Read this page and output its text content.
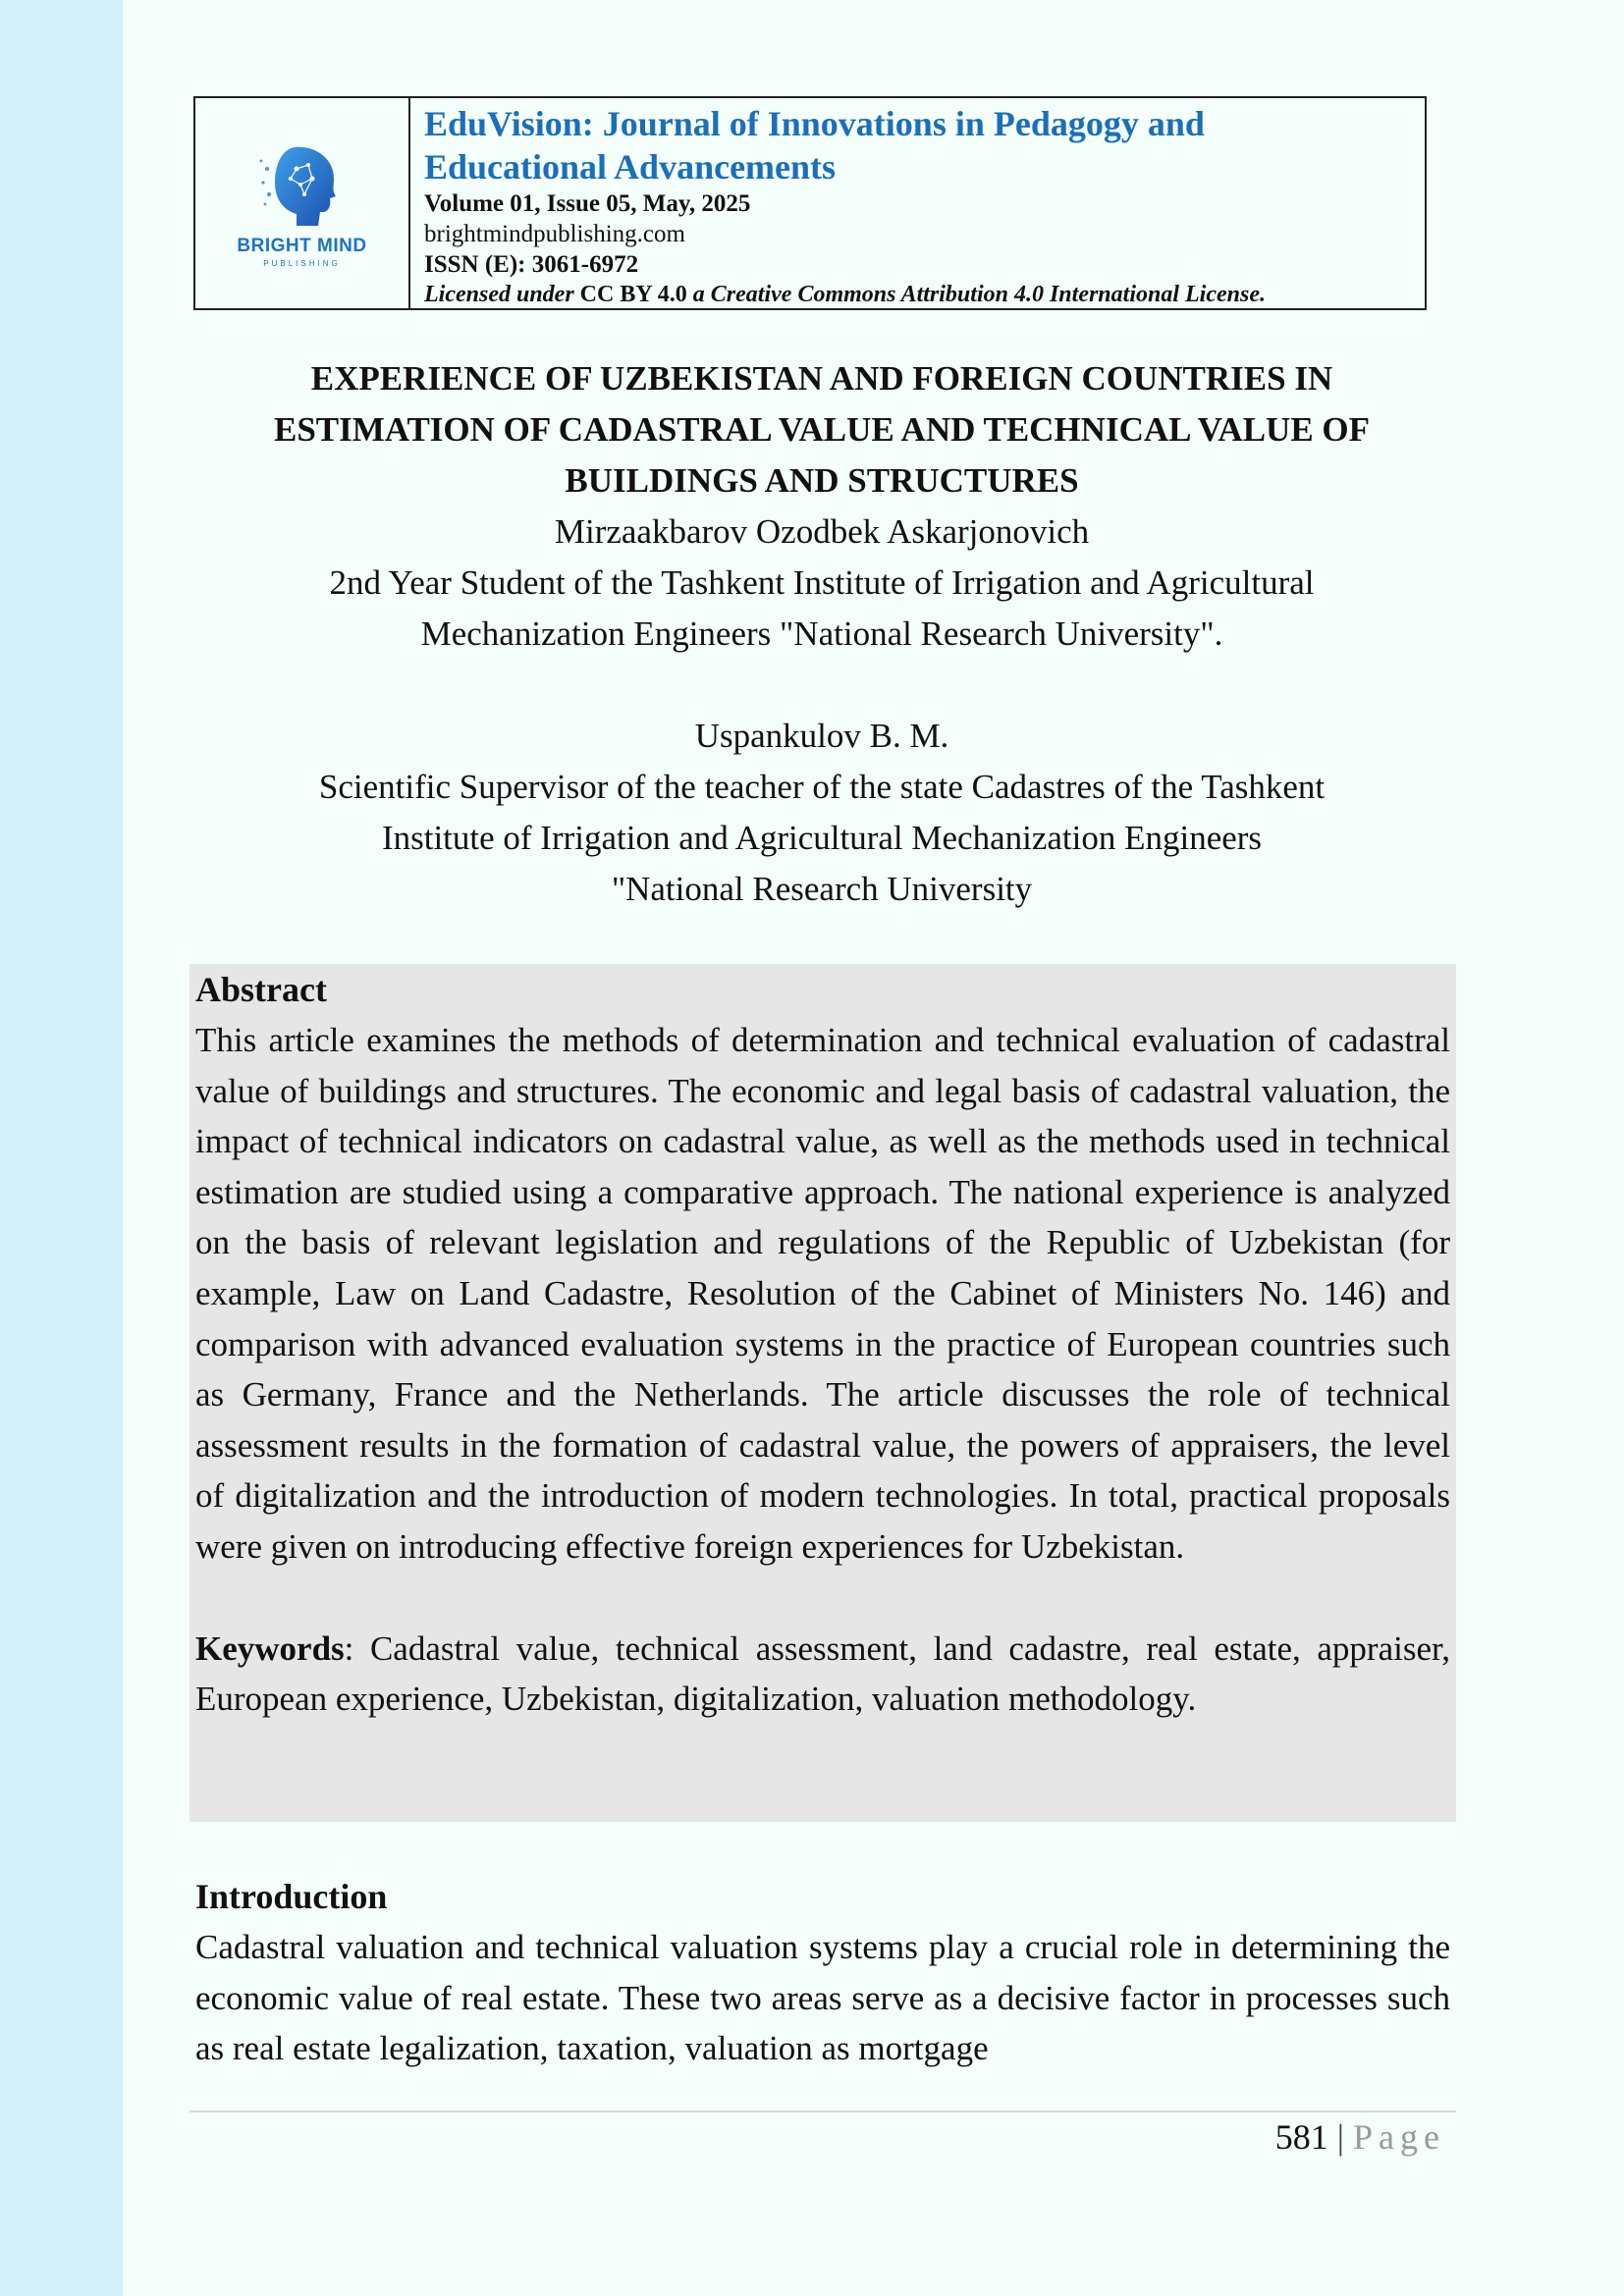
BRIGHT MIND
PUBLISHING
EduVision: Journal of Innovations in Pedagogy and
Educational Advancements
Volume 01, Issue 05, May, 2025
brightmindpublishing.com
ISSN (E): 3061-6972
Licensed under CC BY 4.0 a Creative Commons Attribution 4.0 International License.
EXPERIENCE OF UZBEKISTAN AND FOREIGN COUNTRIES IN
ESTIMATION OF CADASTRAL VALUE AND TECHNICAL VALUE OF
BUILDINGS AND STRUCTURES
Mirzaakbarov Ozodbek Askarjonovich
2nd Year Student of the Tashkent Institute of Irrigation and Agricultural
Mechanization Engineers "National Research University".
Uspankulov B. M.
Scientific Supervisor of the teacher of the state Cadastres of the Tashkent
Institute of Irrigation and Agricultural Mechanization Engineers
"National Research University
Abstract
This article examines the methods of determination and technical evaluation of cadastral value of buildings and structures. The economic and legal basis of cadastral valuation, the impact of technical indicators on cadastral value, as well as the methods used in technical estimation are studied using a comparative approach. The national experience is analyzed on the basis of relevant legislation and regulations of the Republic of Uzbekistan (for example, Law on Land Cadastre, Resolution of the Cabinet of Ministers No. 146) and comparison with advanced evaluation systems in the practice of European countries such as Germany, France and the Netherlands. The article discusses the role of technical assessment results in the formation of cadastral value, the powers of appraisers, the level of digitalization and the introduction of modern technologies. In total, practical proposals were given on introducing effective foreign experiences for Uzbekistan.
Keywords: Cadastral value, technical assessment, land cadastre, real estate, appraiser, European experience, Uzbekistan, digitalization, valuation methodology.
Introduction
Cadastral valuation and technical valuation systems play a crucial role in determining the economic value of real estate. These two areas serve as a decisive factor in processes such as real estate legalization, taxation, valuation as mortgage
581 | Page
